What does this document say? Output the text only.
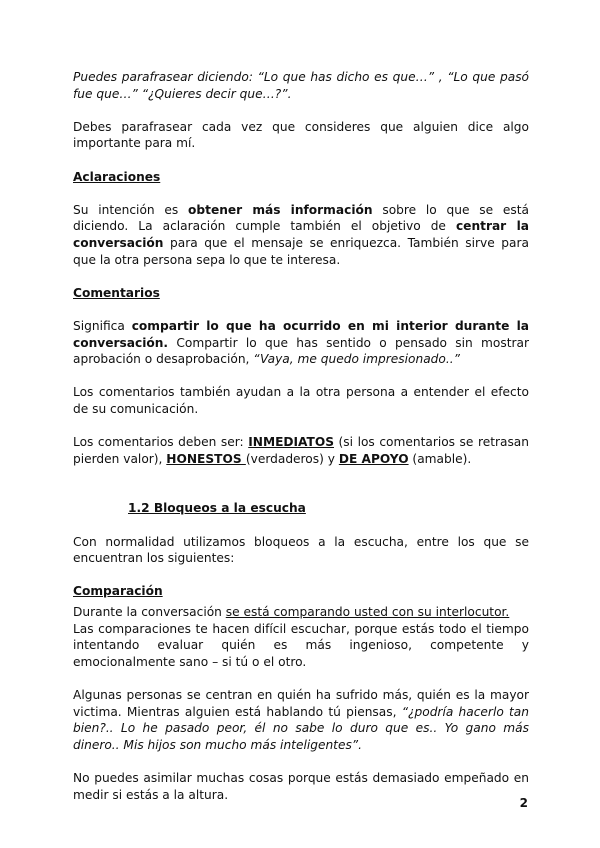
Puedes parafrasear diciendo: “Lo que has dicho es que…” , “Lo que pasó fue que…” “¿Quieres decir que…?”.

Debes parafrasear cada vez que consideres que alguien dice algo importante para mí.

Aclaraciones

Su intención es obtener más información sobre lo que se está diciendo. La aclaración cumple también el objetivo de centrar la conversación para que el mensaje se enriquezca. También sirve para que la otra persona sepa lo que te interesa.

Comentarios

Significa compartir lo que ha ocurrido en mi interior durante la conversación. Compartir lo que has sentido o pensado sin mostrar aprobación o desaprobación, “Vaya, me quedo impresionado..”

Los comentarios también ayudan a la otra persona a entender el efecto de su comunicación.

Los comentarios deben ser: INMEDIATOS (si los comentarios se retrasan pierden valor), HONESTOS (verdaderos) y DE APOYO (amable).

1.2 Bloqueos a la escucha

Con normalidad utilizamos bloqueos a la escucha, entre los que se encuentran los siguientes:

Comparación

Durante la conversación se está comparando usted con su interlocutor.

Las comparaciones te hacen difícil escuchar, porque estás todo el tiempo intentando evaluar quién es más ingenioso, competente y emocionalmente sano – si tú o el otro.

Algunas personas se centran en quién ha sufrido más, quién es la mayor victima. Mientras alguien está hablando tú piensas, “¿podría hacerlo tan bien?.. Lo he pasado peor, él no sabe lo duro que es.. Yo gano más dinero.. Mis hijos son mucho más inteligentes”.

No puedes asimilar muchas cosas porque estás demasiado empeñado en medir si estás a la altura.

2
